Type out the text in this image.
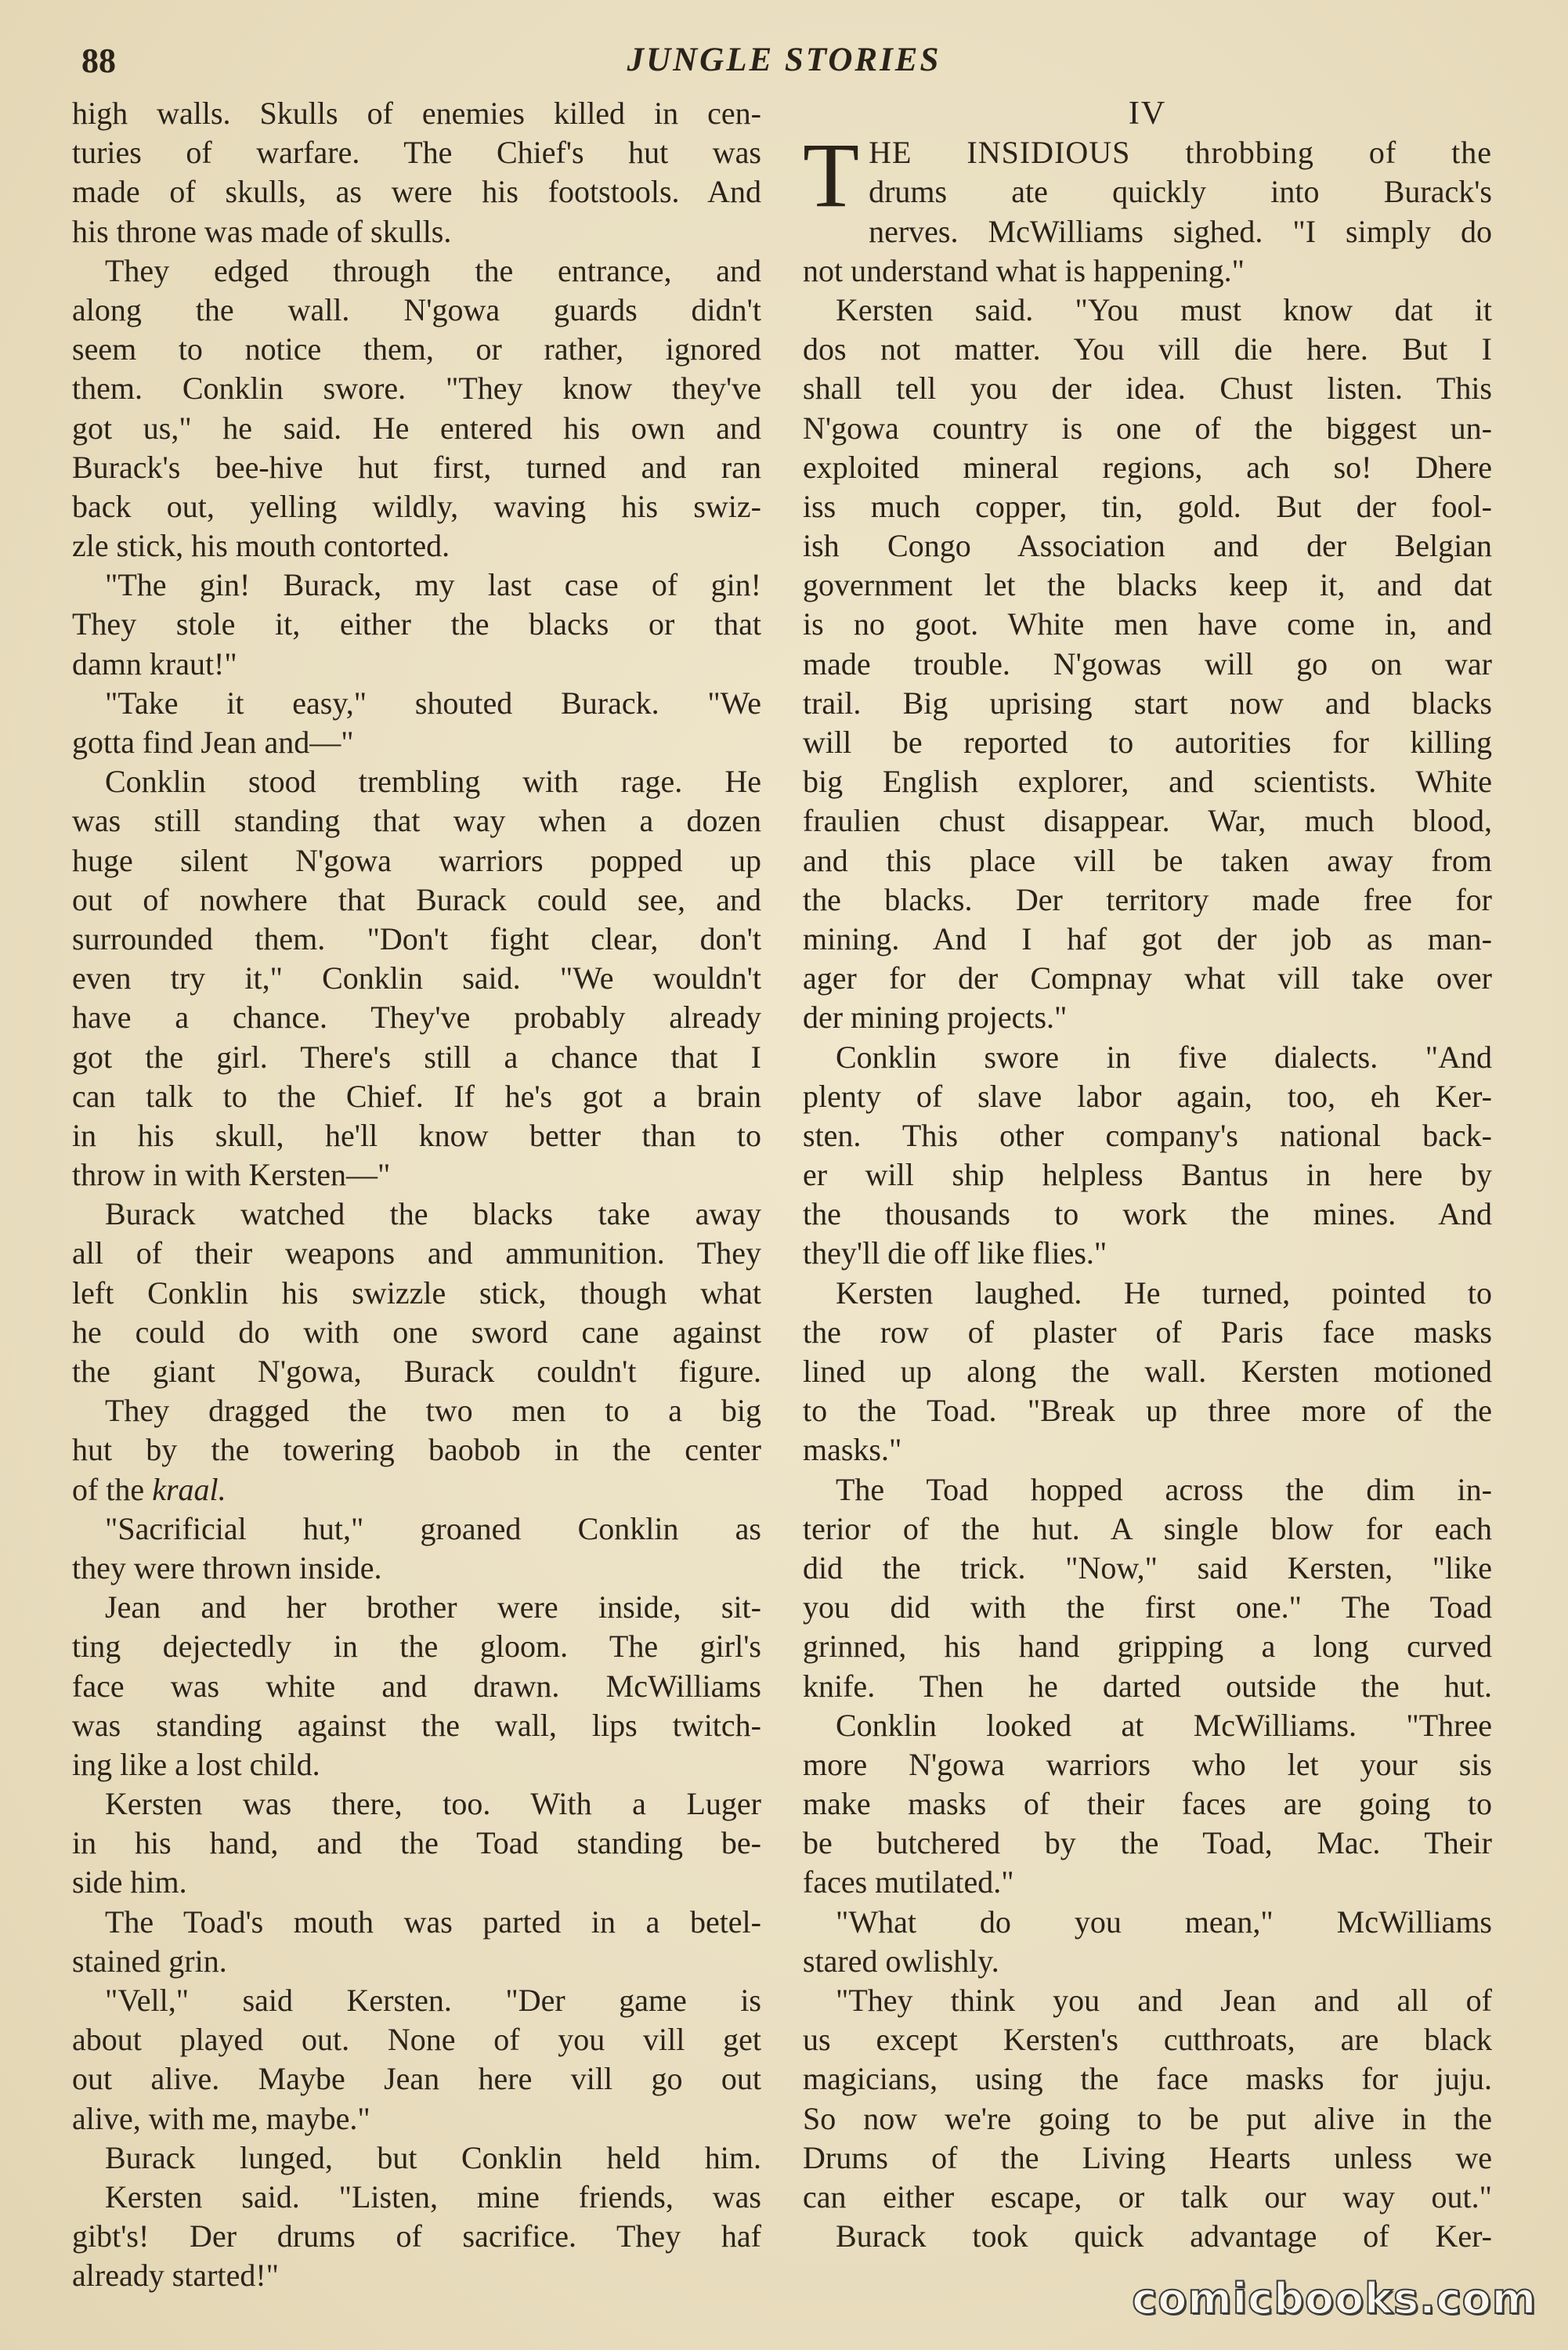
88	JUNGLE STORIES
high walls. Skulls of enemies killed in cen-
turies of warfare. The Chief's hut was
made of skulls, as were his footstools. And
his throne was made of skulls.
They edged through the entrance, and
along the wall. N'gowa guards didn't
seem to notice them, or rather, ignored
them. Conklin swore. "They know they've
got us," he said. He entered his own and
Burack's bee-hive hut first, turned and ran
back out, yelling wildly, waving his swiz-
zle stick, his mouth contorted.
"The gin! Burack, my last case of gin!
They stole it, either the blacks or that
damn kraut!"
"Take it easy," shouted Burack. "We
gotta find Jean and—"
Conklin stood trembling with rage. He
was still standing that way when a dozen
huge silent N'gowa warriors popped up
out of nowhere that Burack could see, and
surrounded them. "Don't fight clear, don't
even try it," Conklin said. "We wouldn't
have a chance. They've probably already
got the girl. There's still a chance that I
can talk to the Chief. If he's got a brain
in his skull, he'll know better than to
throw in with Kersten—"
Burack watched the blacks take away
all of their weapons and ammunition. They
left Conklin his swizzle stick, though what
he could do with one sword cane against
the giant N'gowa, Burack couldn't figure.
They dragged the two men to a big
hut by the towering baobob in the center
of the kraal.
"Sacrificial hut," groaned Conklin as
they were thrown inside.
Jean and her brother were inside, sit-
ting dejectedly in the gloom. The girl's
face was white and drawn. McWilliams
was standing against the wall, lips twitch-
ing like a lost child.
Kersten was there, too. With a Luger
in his hand, and the Toad standing be-
side him.
The Toad's mouth was parted in a betel-
stained grin.
"Vell," said Kersten. "Der game is
about played out. None of you vill get
out alive. Maybe Jean here vill go out
alive, with me, maybe."
Burack lunged, but Conklin held him.
Kersten said. "Listen, mine friends, was
gibt's! Der drums of sacrifice. They haf
already started!"
IV
T HE INSIDIOUS throbbing of the
drums ate quickly into Burack's
nerves. McWilliams sighed. "I simply do
not understand what is happening."
Kersten said. "You must know dat it
dos not matter. You vill die here. But I
shall tell you der idea. Chust listen. This
N'gowa country is one of the biggest un-
exploited mineral regions, ach so! Dhere
iss much copper, tin, gold. But der fool-
ish Congo Association and der Belgian
government let the blacks keep it, and dat
is no goot. White men have come in, and
made trouble. N'gowas will go on war
trail. Big uprising start now and blacks
will be reported to autorities for killing
big English explorer, and scientists. White
fraulien chust disappear. War, much blood,
and this place vill be taken away from
the blacks. Der territory made free for
mining. And I haf got der job as man-
ager for der Compnay what vill take over
der mining projects."
Conklin swore in five dialects. "And
plenty of slave labor again, too, eh Ker-
sten. This other company's national back-
er will ship helpless Bantus in here by
the thousands to work the mines. And
they'll die off like flies."
Kersten laughed. He turned, pointed to
the row of plaster of Paris face masks
lined up along the wall. Kersten motioned
to the Toad. "Break up three more of the
masks."
The Toad hopped across the dim in-
terior of the hut. A single blow for each
did the trick. "Now," said Kersten, "like
you did with the first one." The Toad
grinned, his hand gripping a long curved
knife. Then he darted outside the hut.
Conklin looked at McWilliams. "Three
more N'gowa warriors who let your sis
make masks of their faces are going to
be butchered by the Toad, Mac. Their
faces mutilated."
"What do you mean," McWilliams
stared owlishly.
"They think you and Jean and all of
us except Kersten's cutthroats, are black
magicians, using the face masks for juju.
So now we're going to be put alive in the
Drums of the Living Hearts unless we
can either escape, or talk our way out."
Burack took quick advantage of Ker-
comicbooks.com
